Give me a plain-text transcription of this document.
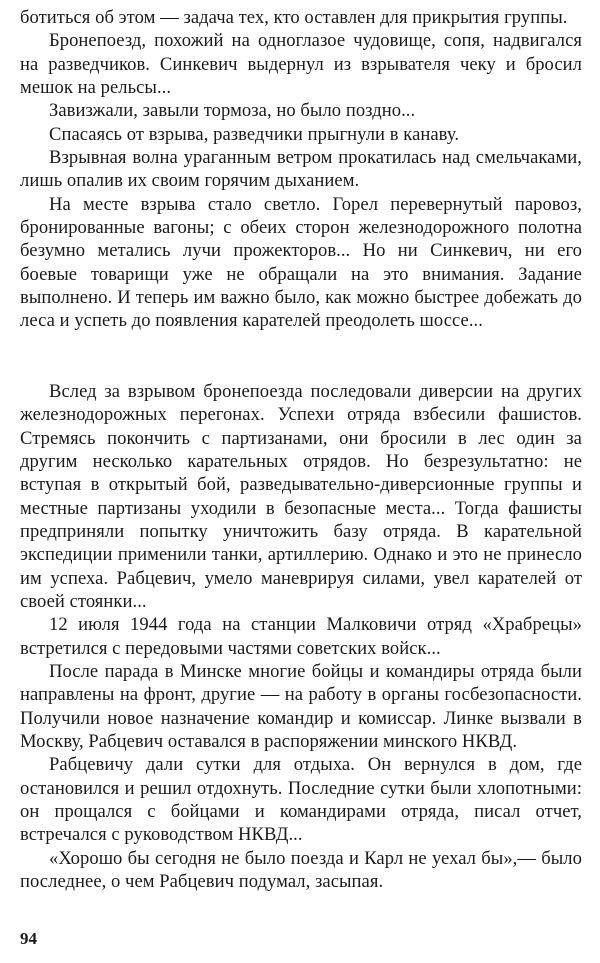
ботиться об этом — задача тех, кто оставлен для прикрытия группы.

Бронепоезд, похожий на одноглазое чудовище, сопя, надвигался на разведчиков. Синкевич выдернул из взрывателя чеку и бросил мешок на рельсы...

Завизжали, завыли тормоза, но было поздно...

Спасаясь от взрыва, разведчики прыгнули в канаву.

Взрывная волна ураганным ветром прокатилась над смельчаками, лишь опалив их своим горячим дыханием.

На месте взрыва стало светло. Горел перевернутый паровоз, бронированные вагоны; с обеих сторон железнодорожного полотна безумно метались лучи прожекторов... Но ни Синкевич, ни его боевые товарищи уже не обращали на это внимания. Задание выполнено. И теперь им важно было, как можно быстрее добежать до леса и успеть до появления карателей преодолеть шоссе...

Вслед за взрывом бронепоезда последовали диверсии на других железнодорожных перегонах. Успехи отряда взбесили фашистов. Стремясь покончить с партизанами, они бросили в лес один за другим несколько карательных отрядов. Но безрезультатно: не вступая в открытый бой, разведывательно-диверсионные группы и местные партизаны уходили в безопасные места... Тогда фашисты предприняли попытку уничтожить базу отряда. В карательной экспедиции применили танки, артиллерию. Однако и это не принесло им успеха. Рабцевич, умело маневрируя силами, увел карателей от своей стоянки...

12 июля 1944 года на станции Малковичи отряд «Храбрецы» встретился с передовыми частями советских войск...

После парада в Минске многие бойцы и командиры отряда были направлены на фронт, другие — на работу в органы госбезопасности. Получили новое назначение командир и комиссар. Линке вызвали в Москву, Рабцевич оставался в распоряжении минского НКВД.

Рабцевичу дали сутки для отдыха. Он вернулся в дом, где остановился и решил отдохнуть. Последние сутки были хлопотными: он прощался с бойцами и командирами отряда, писал отчет, встречался с руководством НКВД...

«Хорошо бы сегодня не было поезда и Карл не уехал бы»,— было последнее, о чем Рабцевич подумал, засыпая.

94
